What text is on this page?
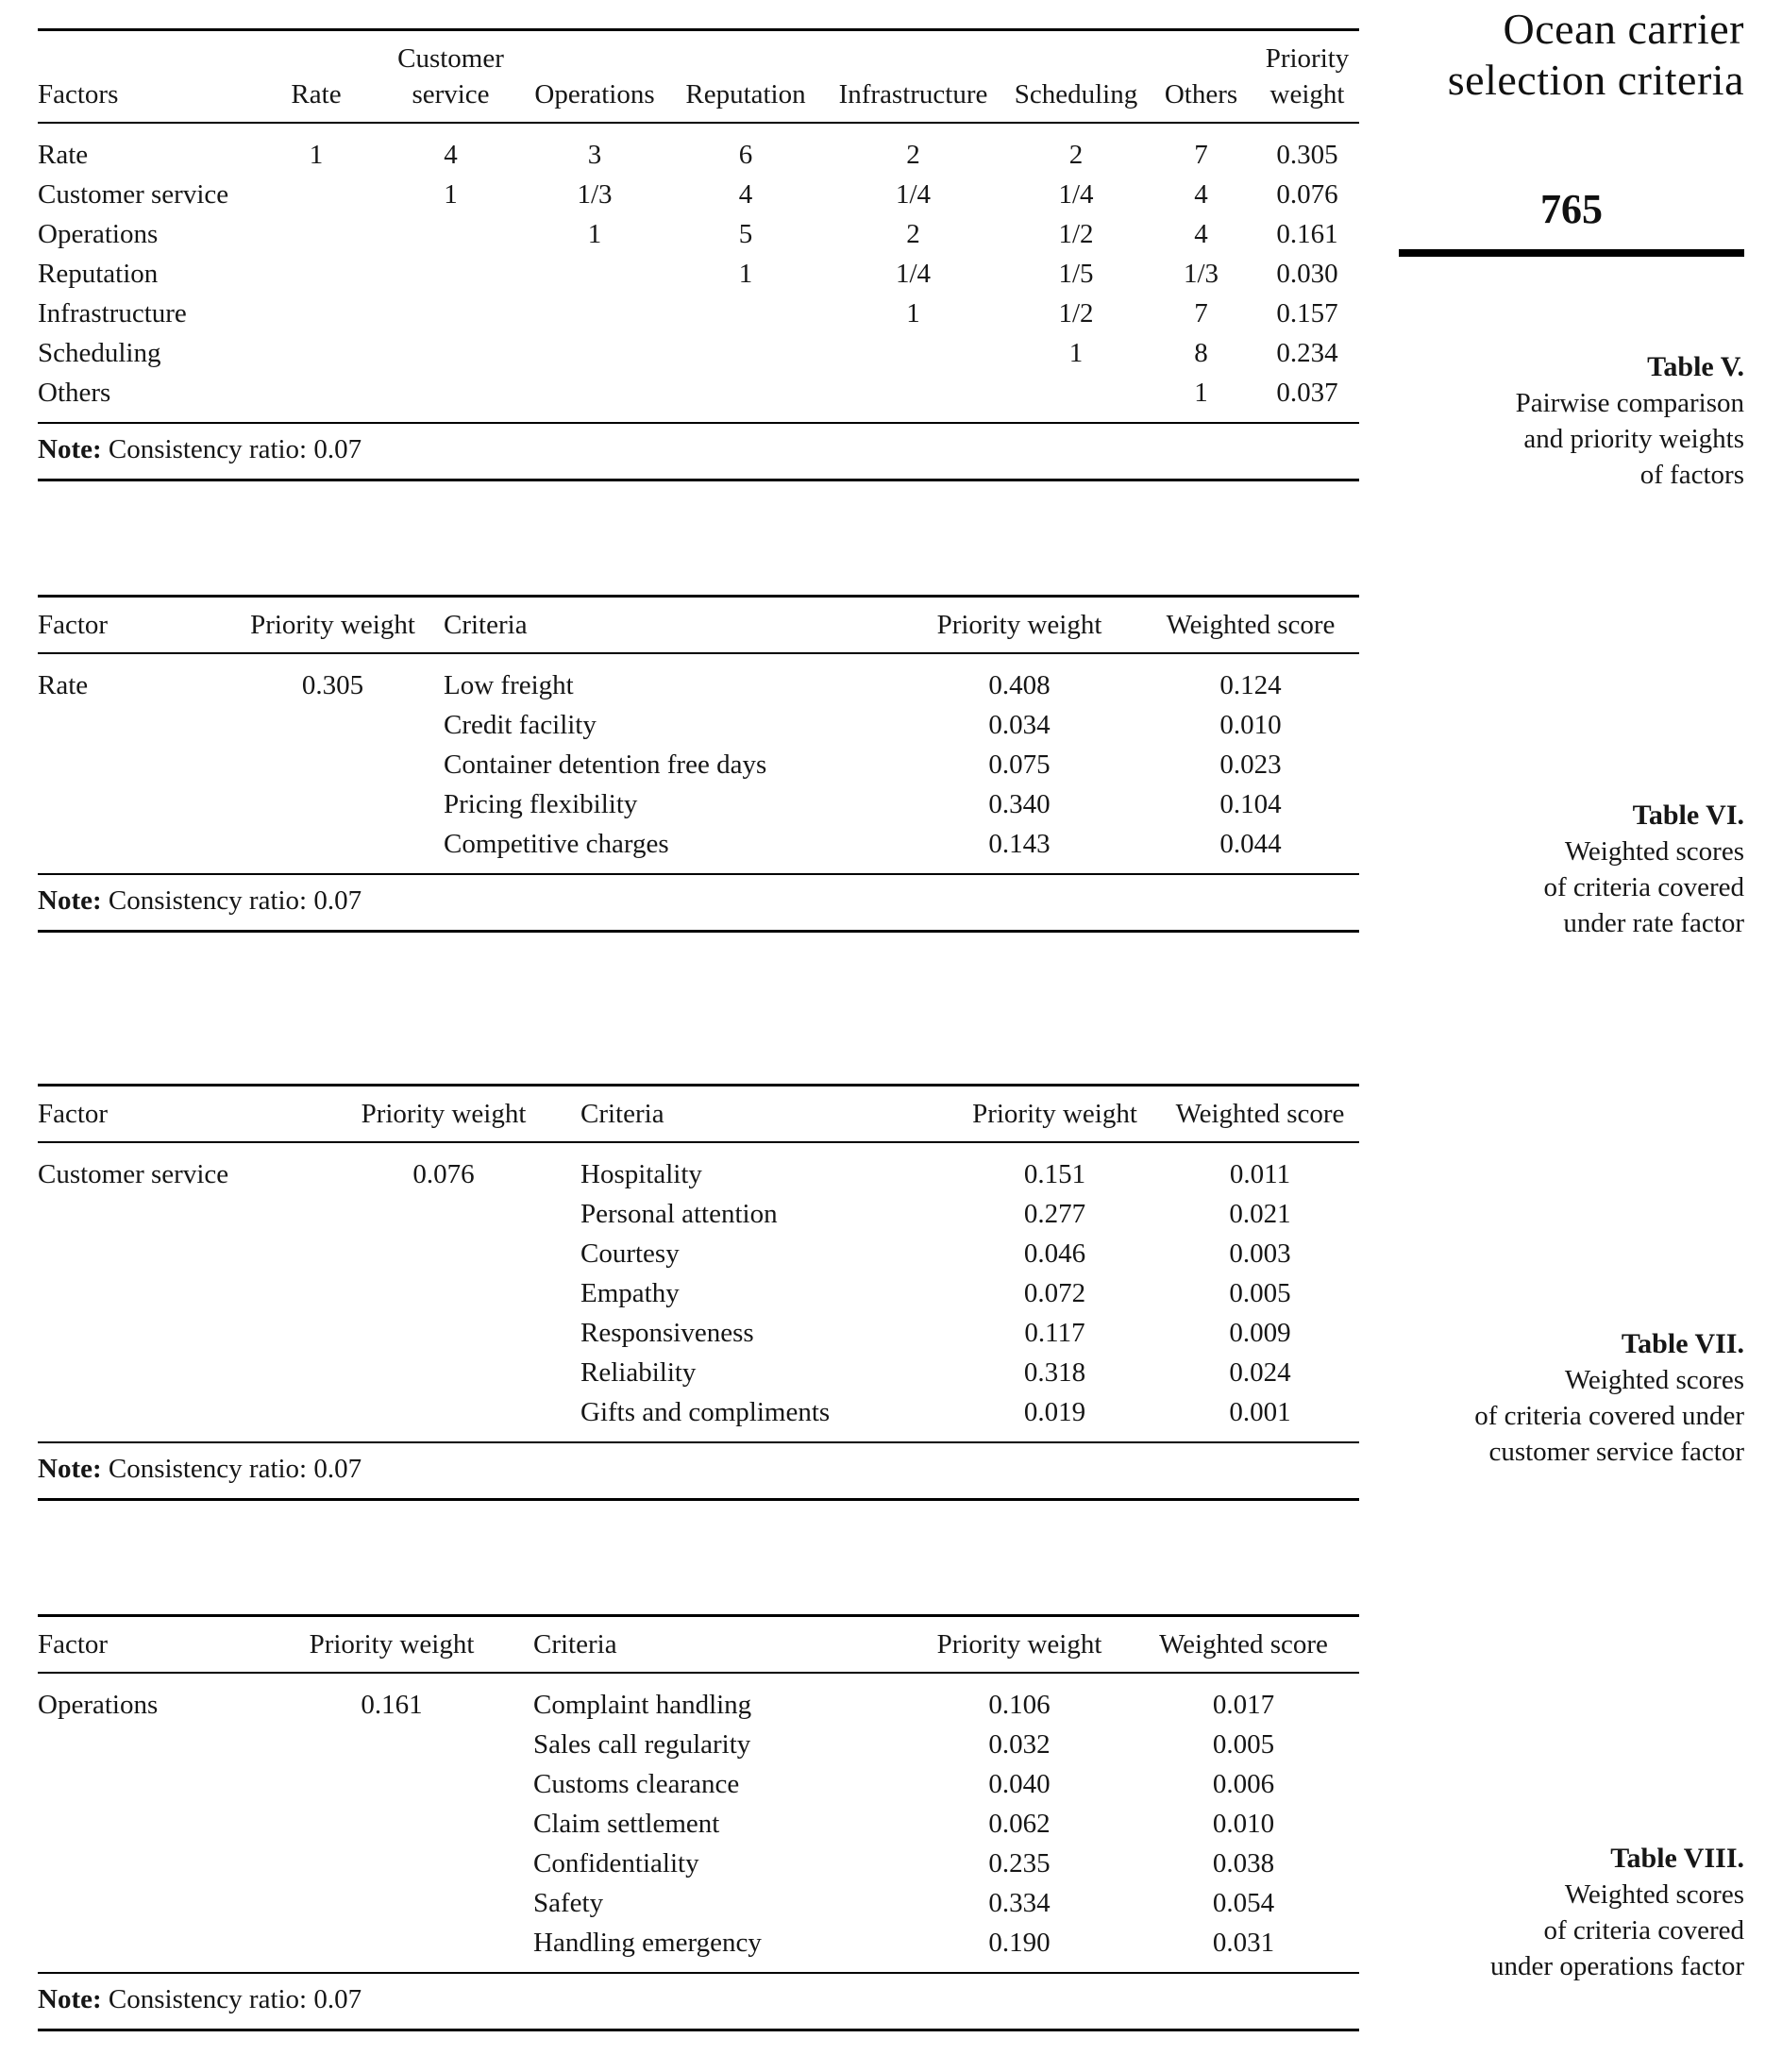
Factors	Rate	Customer service	Operations	Reputation	Infrastructure	Scheduling	Others	Priority weight
Rate	1	4	3	6	2	2	7	0.305
Customer service		1	1/3	4	1/4	1/4	4	0.076
Operations			1	5	2	1/2	4	0.161
Reputation				1	1/4	1/5	1/3	0.030
Infrastructure					1	1/2	7	0.157
Scheduling						1	8	0.234
Others							1	0.037
Note: Consistency ratio: 0.07
Factor	Priority weight	Criteria	Priority weight	Weighted score
Rate	0.305	Low freight	0.408	0.124
		Credit facility	0.034	0.010
		Container detention free days	0.075	0.023
		Pricing flexibility	0.340	0.104
		Competitive charges	0.143	0.044
Note: Consistency ratio: 0.07
Factor	Priority weight	Criteria	Priority weight	Weighted score
Customer service	0.076	Hospitality	0.151	0.011
		Personal attention	0.277	0.021
		Courtesy	0.046	0.003
		Empathy	0.072	0.005
		Responsiveness	0.117	0.009
		Reliability	0.318	0.024
		Gifts and compliments	0.019	0.001
Note: Consistency ratio: 0.07
Factor	Priority weight	Criteria	Priority weight	Weighted score
Operations	0.161	Complaint handling	0.106	0.017
		Sales call regularity	0.032	0.005
		Customs clearance	0.040	0.006
		Claim settlement	0.062	0.010
		Confidentiality	0.235	0.038
		Safety	0.334	0.054
		Handling emergency	0.190	0.031
Note: Consistency ratio: 0.07
Ocean carrier
selection criteria
765
Table V.
Pairwise comparison
and priority weights
of factors
Table VI.
Weighted scores
of criteria covered
under rate factor
Table VII.
Weighted scores
of criteria covered under
customer service factor
Table VIII.
Weighted scores
of criteria covered
under operations factor
